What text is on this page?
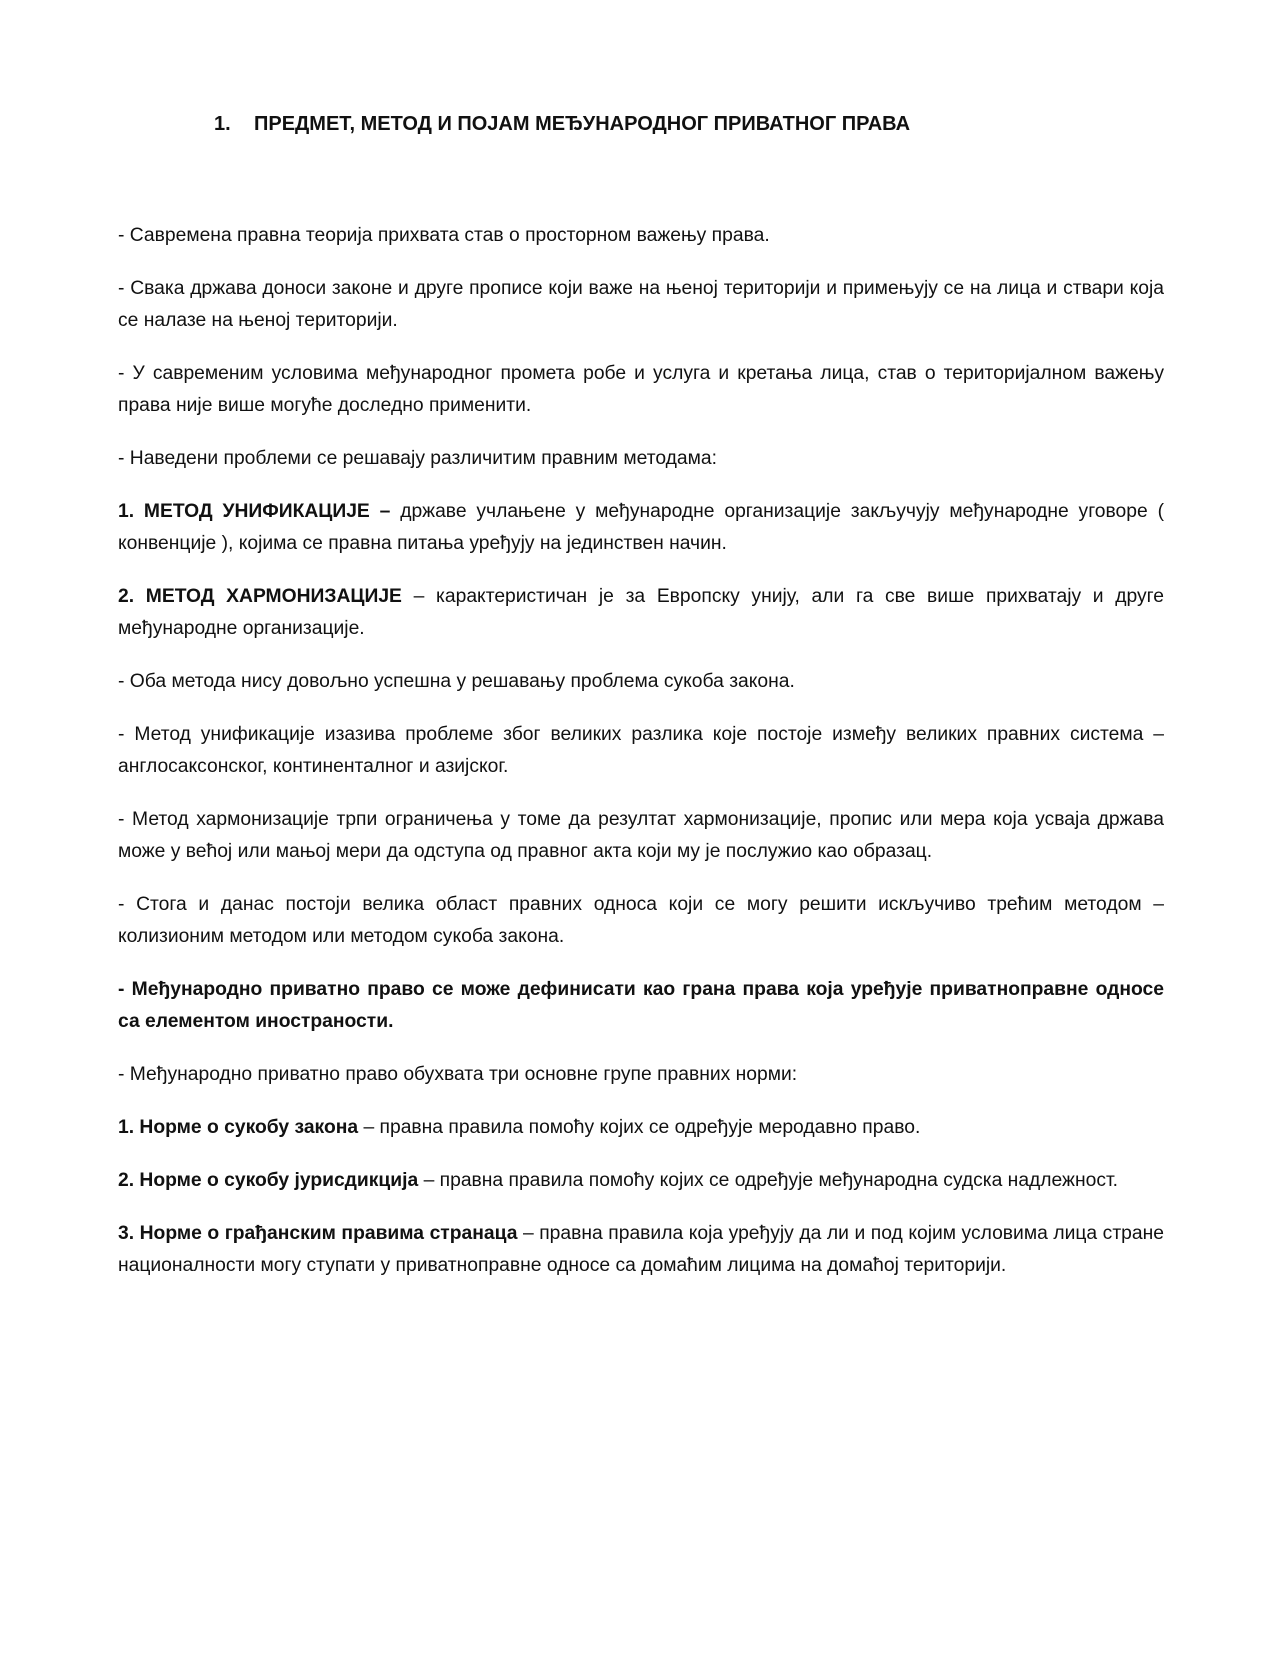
1. ПРЕДМЕТ, МЕТОД И ПОЈАМ МЕЂУНАРОДНОГ ПРИВАТНОГ ПРАВА

- Савремена правна теорија прихвата став о просторном важењу права.

- Свака држава доноси законе и друге прописе који важе на њеној територији и примењују се на лица и ствари која се налазе на њеној територији.

- У савременим условима међународног промета робе и услуга и кретања лица, став о територијалном важењу права није више могуће доследно применити.

- Наведени проблеми се решавају различитим правним методама:

1. МЕТОД УНИФИКАЦИЈЕ – државе учлањене у међународне организације закључују међународне уговоре ( конвенције ), којима се правна питања уређују на јединствен начин.

2. МЕТОД ХАРМОНИЗАЦИЈЕ – карактеристичан је за Европску унију, али га све више прихватају и друге међународне организације.

- Оба метода нису довољно успешна у решавању проблема сукоба закона.

- Метод унификације изазива проблеме због великих разлика које постоје између великих правних система – англосаксонског, континенталног и азијског.

- Метод хармонизације трпи ограничења у томе да резултат хармонизације, пропис или мера која усваја држава може у већој или мањој мери да одступа од правног акта који му је послужио као образац.

- Стога и данас постоји велика област правних односа који се могу решити искључиво трећим методом – колизионим методом или методом сукоба закона.

- Међународно приватно право се може дефинисати као грана права која уређује приватноправне односе са елементом иностраности.

- Међународно приватно право обухвата три основне групе правних норми:

1. Норме о сукобу закона – правна правила помоћу којих се одређује меродавно право.

2. Норме о сукобу јурисдикција – правна правила помоћу којих се одређује међународна судска надлежност.

3. Норме о грађанским правима странаца – правна правила која уређују да ли и под којим условима лица стране националности могу ступати у приватноправне односе са домаћим лицима на домаћој територији.
